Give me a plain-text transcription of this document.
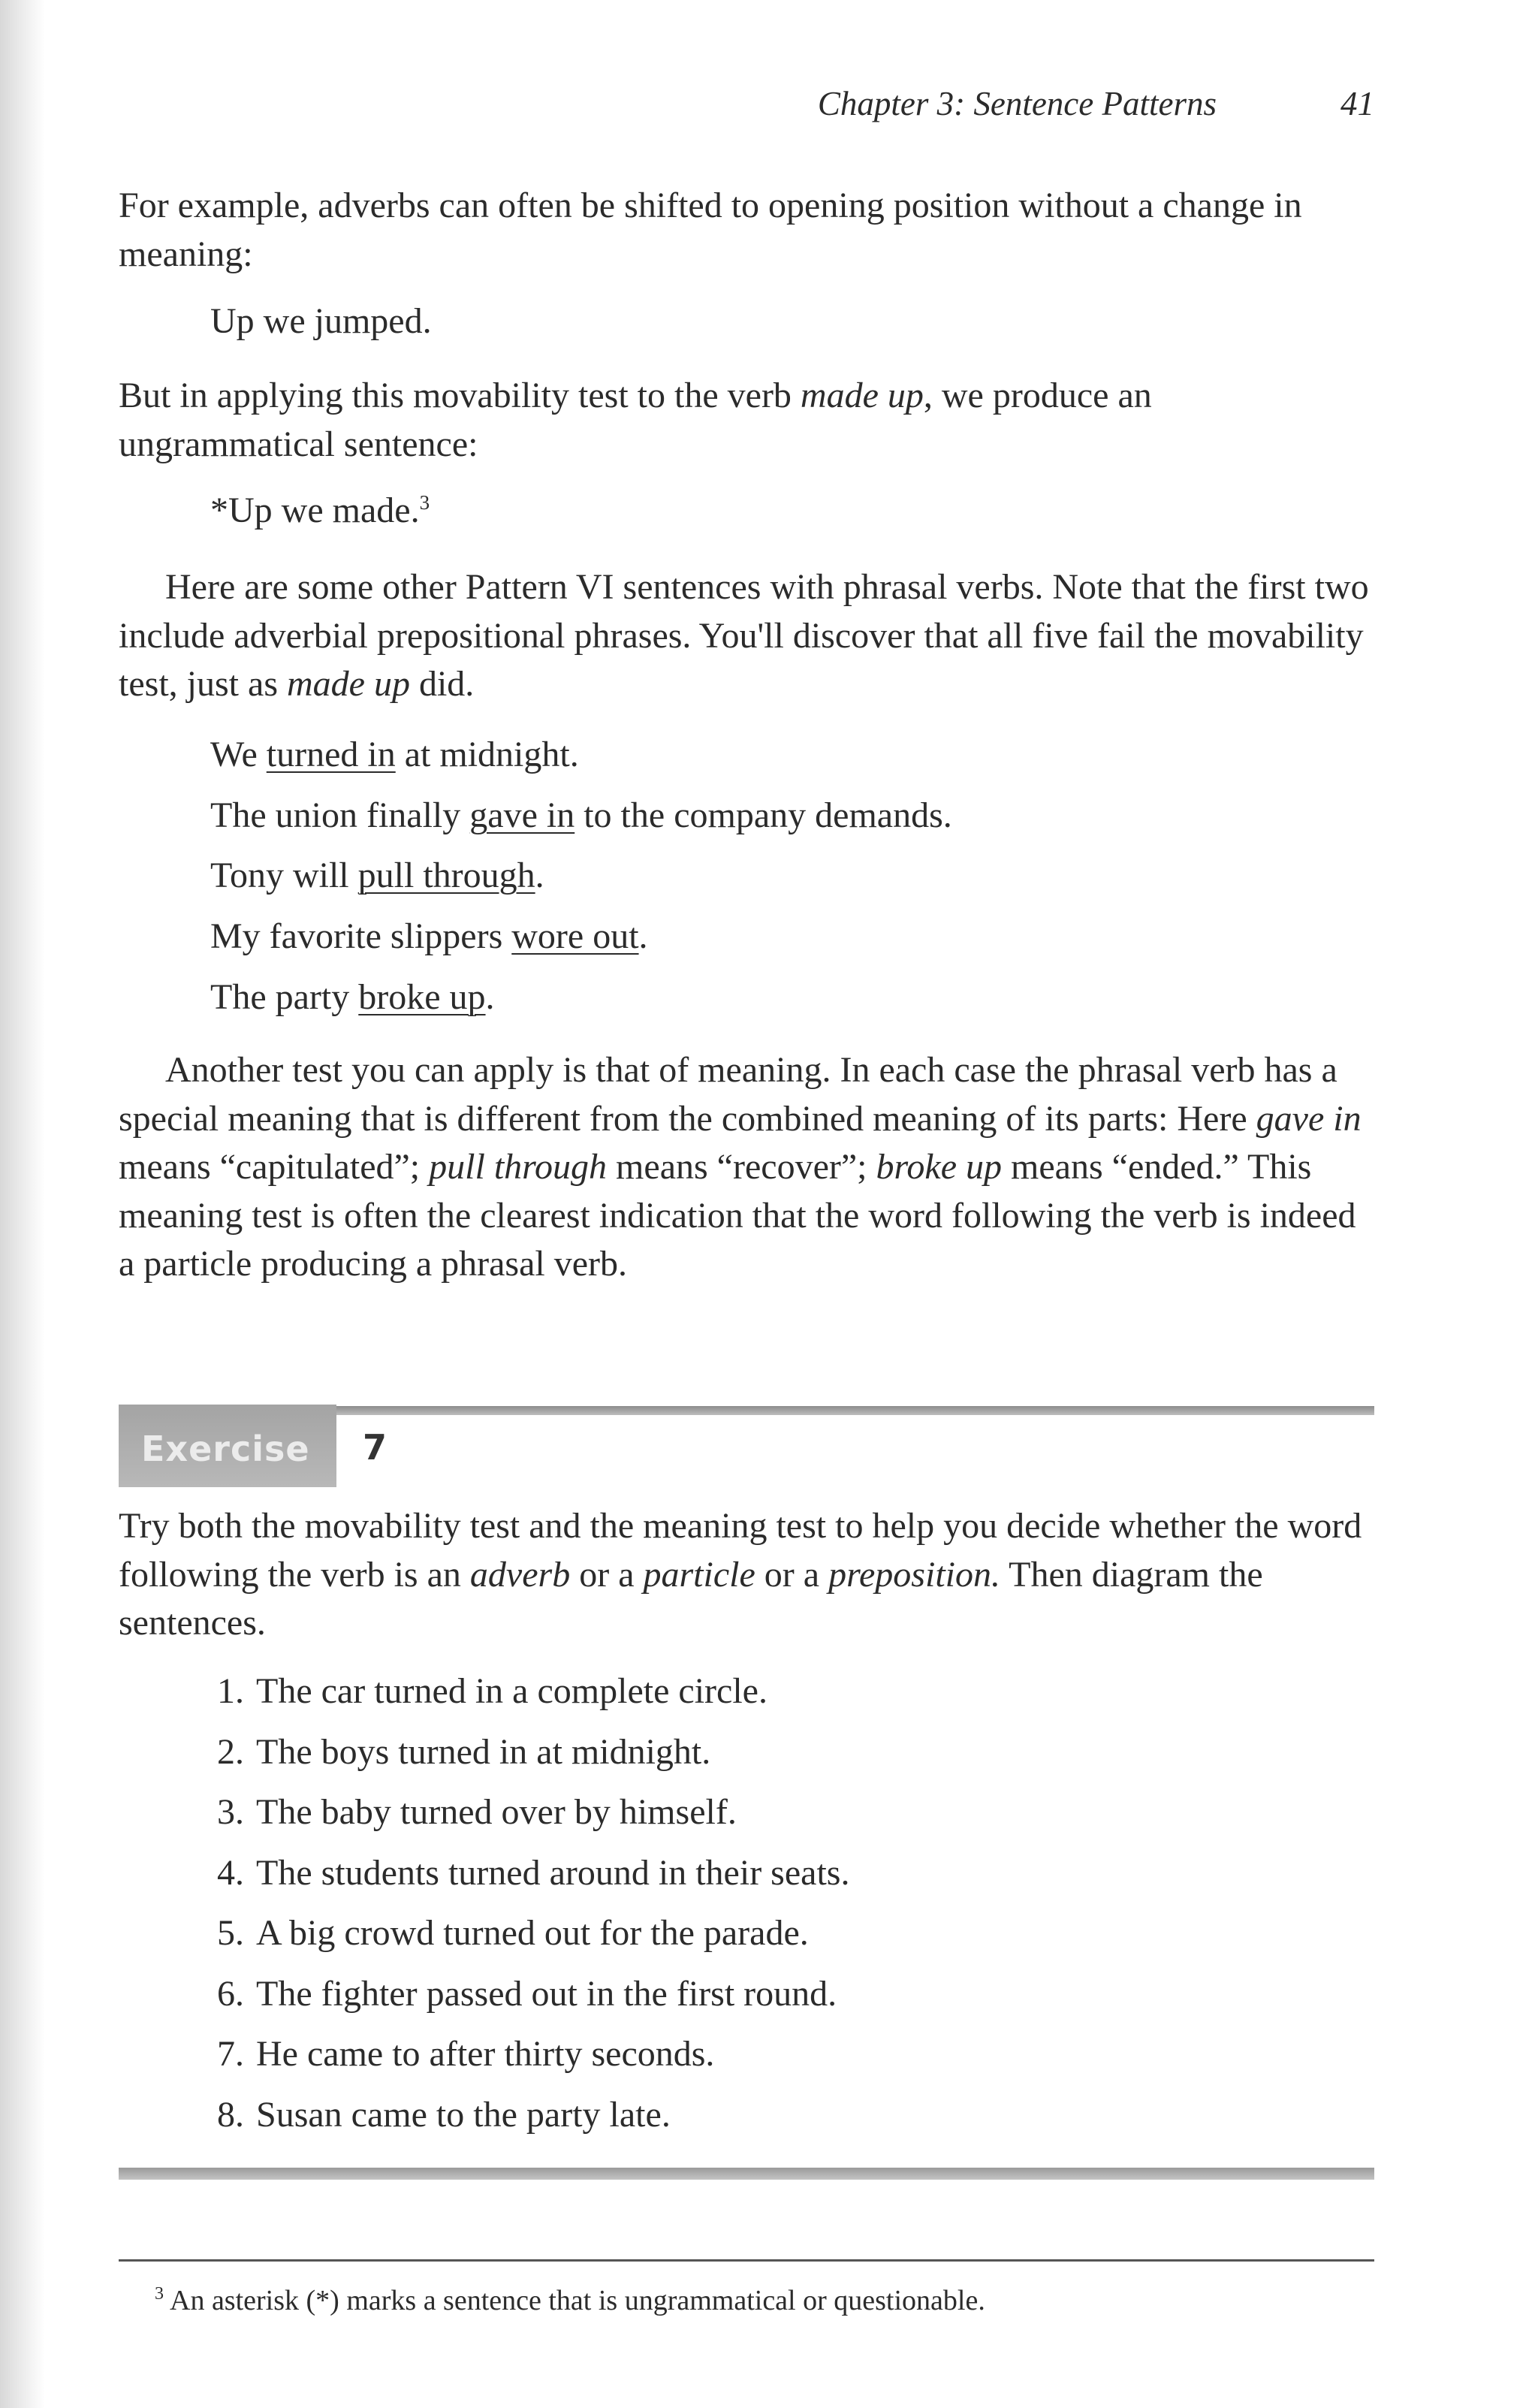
Chapter 3: Sentence Patterns	41

For example, adverbs can often be shifted to opening position without a change in meaning:

Up we jumped.

But in applying this movability test to the verb made up, we produce an ungrammatical sentence:

*Up we made.$^3$

Here are some other Pattern VI sentences with phrasal verbs. Note that the first two include adverbial prepositional phrases. You'll discover that all five fail the movability test, just as made up did.

We turned in at midnight.

The union finally gave in to the company demands.

Tony will pull through.

My favorite slippers wore out.

The party broke up.

Another test you can apply is that of meaning. In each case the phrasal verb has a special meaning that is different from the combined meaning of its parts: Here gave in means “capitulated”; pull through means “recover”; broke up means “ended.” This meaning test is often the clearest indication that the word following the verb is indeed a particle producing a phrasal verb.

Exercise 7

Try both the movability test and the meaning test to help you decide whether the word following the verb is an adverb or a particle or a preposition. Then diagram the sentences.

1. The car turned in a complete circle.
2. The boys turned in at midnight.
3. The baby turned over by himself.
4. The students turned around in their seats.
5. A big crowd turned out for the parade.
6. The fighter passed out in the first round.
7. He came to after thirty seconds.
8. Susan came to the party late.

$^3$ An asterisk (*) marks a sentence that is ungrammatical or questionable.
